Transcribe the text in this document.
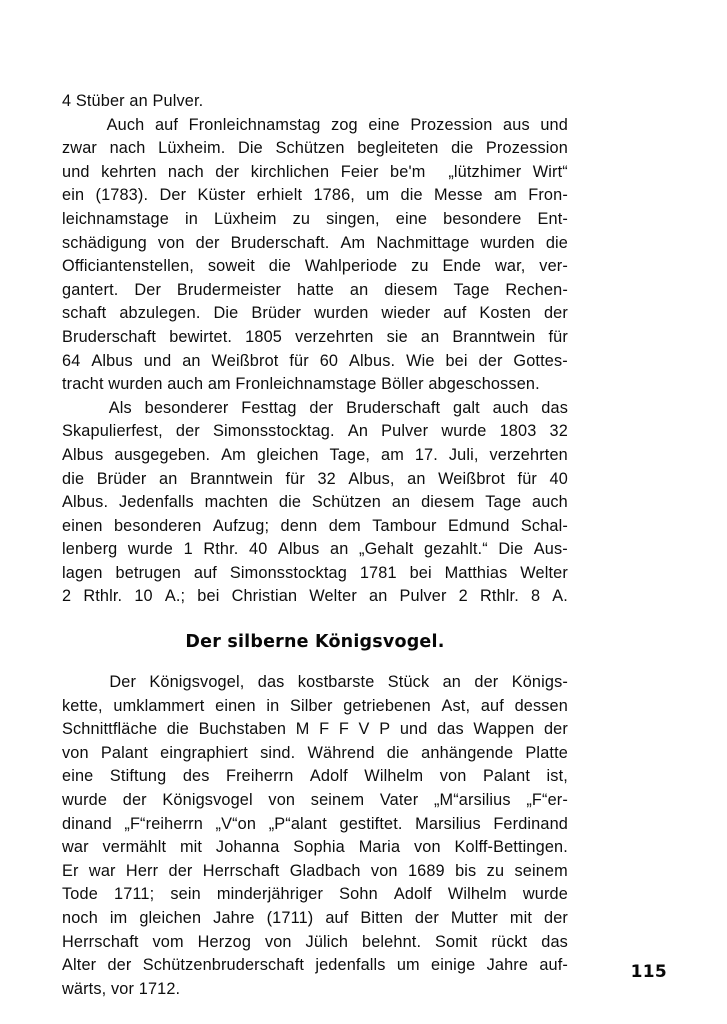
4 Stüber an Pulver.
Auch auf Fronleichnamstag zog eine Prozession aus und
zwar nach Lüxheim. Die Schützen begleiteten die Prozession
und kehrten nach der kirchlichen Feier be'm „lützhimer Wirt“
ein (1783). Der Küster erhielt 1786, um die Messe am Fron-
leichnamstage in Lüxheim zu singen, eine besondere Ent-
schädigung von der Bruderschaft. Am Nachmittage wurden die
Officiantenstellen, soweit die Wahlperiode zu Ende war, ver-
gantert. Der Brudermeister hatte an diesem Tage Rechen-
schaft abzulegen. Die Brüder wurden wieder auf Kosten der
Bruderschaft bewirtet. 1805 verzehrten sie an Branntwein für
64 Albus und an Weißbrot für 60 Albus. Wie bei der Gottes-
tracht wurden auch am Fronleichnamstage Böller abgeschossen.
Als besonderer Festtag der Bruderschaft galt auch das
Skapulierfest, der Simonsstocktag. An Pulver wurde 1803 32
Albus ausgegeben. Am gleichen Tage, am 17. Juli, verzehrten
die Brüder an Branntwein für 32 Albus, an Weißbrot für 40
Albus. Jedenfalls machten die Schützen an diesem Tage auch
einen besonderen Aufzug; denn dem Tambour Edmund Schal-
lenberg wurde 1 Rthr. 40 Albus an „Gehalt gezahlt.“ Die Aus-
lagen betrugen auf Simonsstocktag 1781 bei Matthias Welter
2 Rthlr. 10 A.; bei Christian Welter an Pulver 2 Rthlr. 8 A.
Der silberne Königsvogel.
Der Königsvogel, das kostbarste Stück an der Königs-
kette, umklammert einen in Silber getriebenen Ast, auf dessen
Schnittfläche die Buchstaben M F F V P und das Wappen der
von Palant eingraphiert sind. Während die anhängende Platte
eine Stiftung des Freiherrn Adolf Wilhelm von Palant ist,
wurde der Königsvogel von seinem Vater „M“arsilius „F“er-
dinand „F“reiherrn „V“on „P“alant gestiftet. Marsilius Ferdinand
war vermählt mit Johanna Sophia Maria von Kolff-Bettingen.
Er war Herr der Herrschaft Gladbach von 1689 bis zu seinem
Tode 1711; sein minderjähriger Sohn Adolf Wilhelm wurde
noch im gleichen Jahre (1711) auf Bitten der Mutter mit der
Herrschaft vom Herzog von Jülich belehnt. Somit rückt das
Alter der Schützenbruderschaft jedenfalls um einige Jahre auf-
wärts, vor 1712.
115
